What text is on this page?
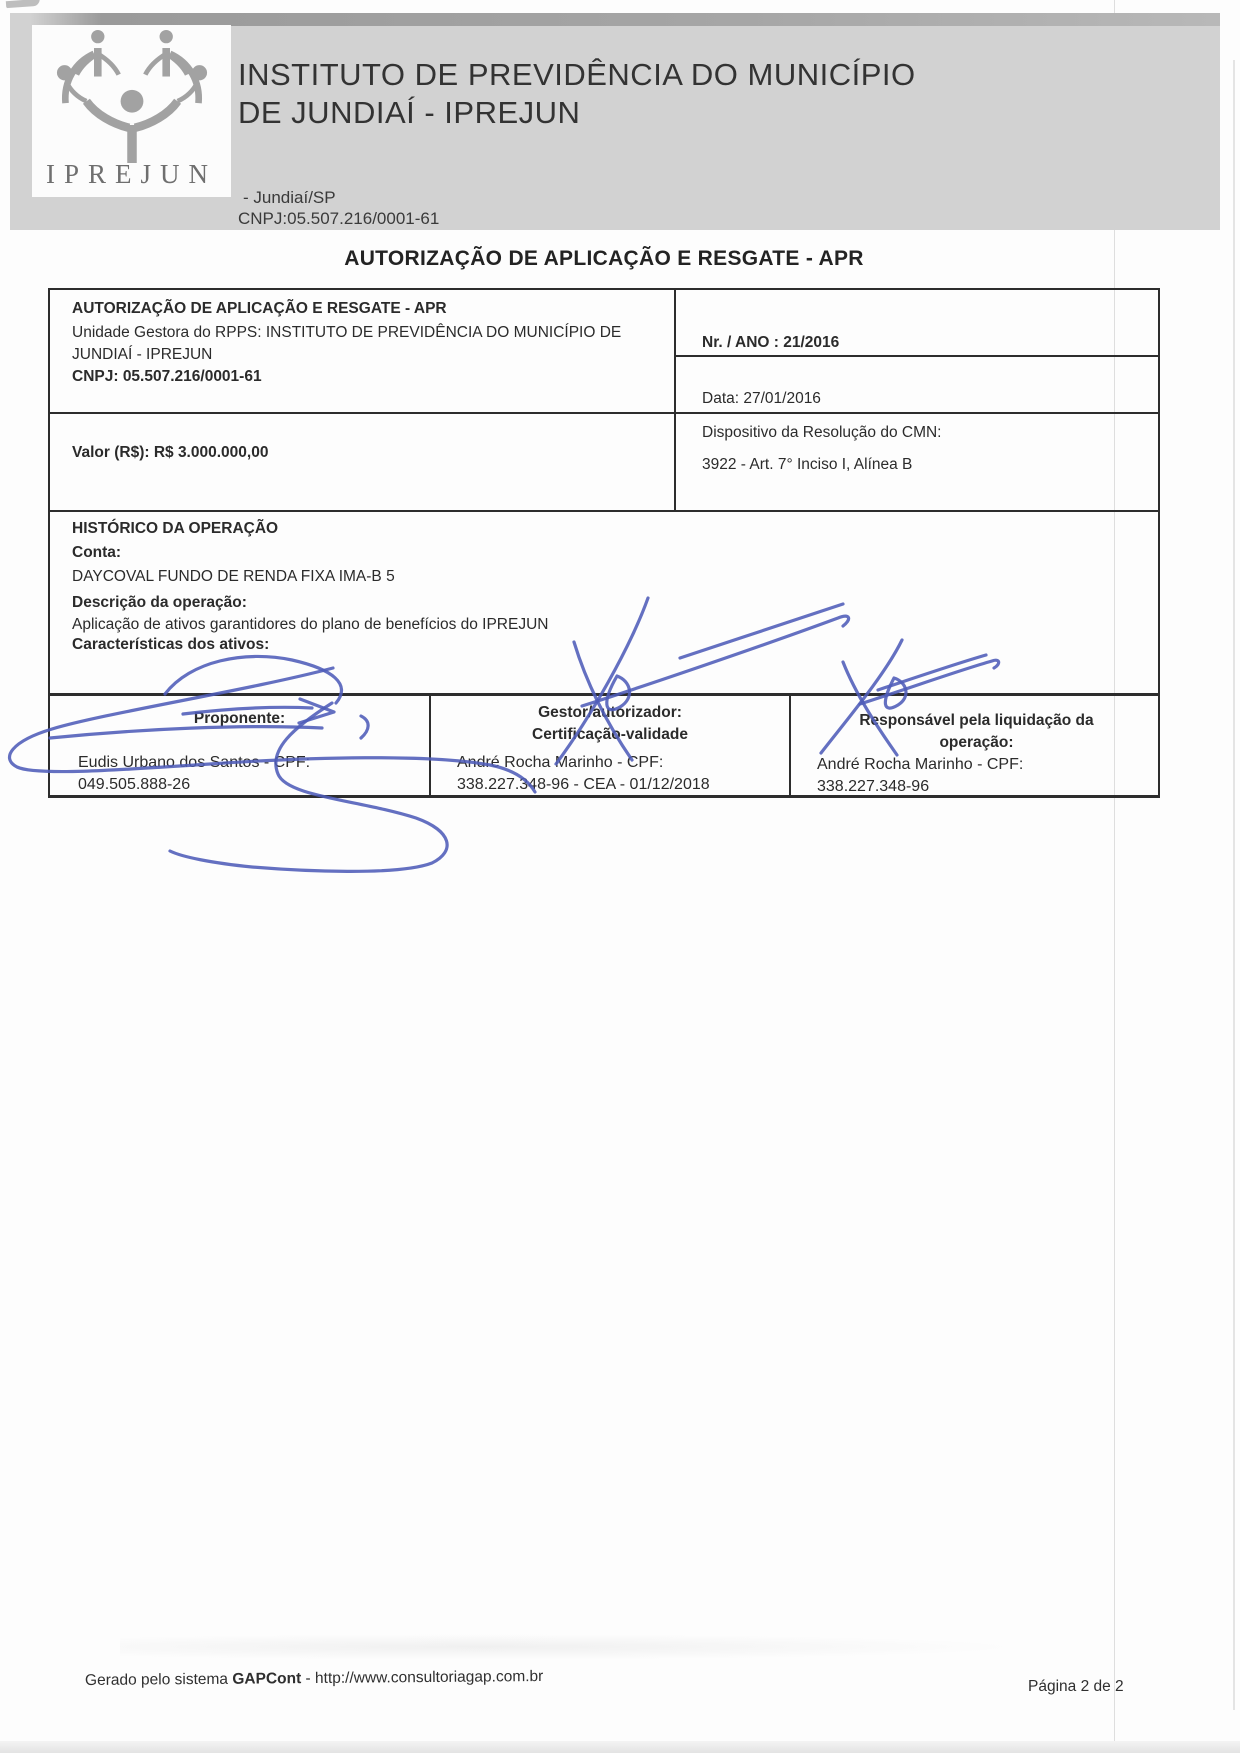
IPREJUN
INSTITUTO DE PREVIDÊNCIA DO MUNICÍPIO
DE JUNDIAÍ - IPREJUN
- Jundiaí/SP
CNPJ:05.507.216/0001-61
AUTORIZAÇÃO DE APLICAÇÃO E RESGATE - APR
AUTORIZAÇÃO DE APLICAÇÃO E RESGATE - APR
Unidade Gestora do RPPS: INSTITUTO DE PREVIDÊNCIA DO MUNICÍPIO DE JUNDIAÍ - IPREJUN
CNPJ: 05.507.216/0001-61
Nr. / ANO : 21/2016
Data: 27/01/2016
Valor (R$): R$ 3.000.000,00
Dispositivo da Resolução do CMN:
3922 - Art. 7° Inciso I, Alínea B
HISTÓRICO DA OPERAÇÃO
Conta:
DAYCOVAL FUNDO DE RENDA FIXA IMA-B 5
Descrição da operação:
Aplicação de ativos garantidores do plano de benefícios do IPREJUN
Características dos ativos:
Proponente:
Eudis Urbano dos Santos - CPF:
049.505.888-26
Gestor/autorizador:
Certificação-validade
André Rocha Marinho - CPF:
338.227.348-96 - CEA - 01/12/2018
Responsável pela liquidação da
operação:
André Rocha Marinho - CPF:
338.227.348-96
Gerado pelo sistema GAPCont - http://www.consultoriagap.com.br	Página 2 de 2
